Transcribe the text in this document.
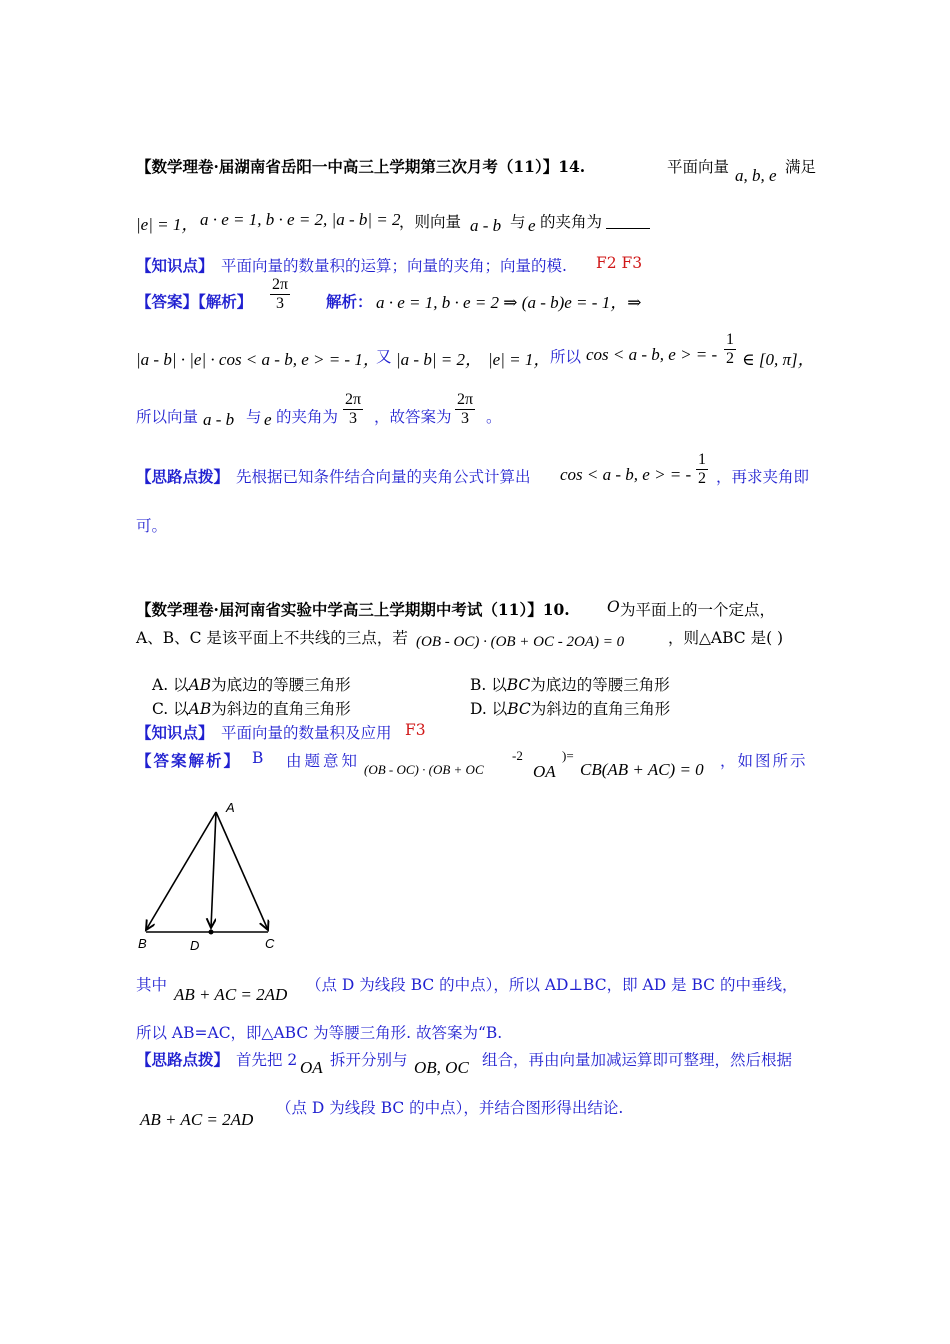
【数学理卷·届湖南省岳阳一中高三上学期第三次月考（11）】14.	平面向量 a, b, e 满足
|e| = 1， a · e = 1, b · e = 2, |a - b| = 2
，则向量 a - b 与 e 的夹角为
【知识点】 平面向量的数量积的运算；向量的夹角；向量的模. F2 F3
【答案】【解析】 $\frac{2\pi}{3}$ 解析： a · e = 1, b · e = 2 ⇒ (a - b)e = - 1，⇒
|a - b| · |e| · cos < a - b, e > = - 1，
又 |a - b| = 2， |e| = 1， 所以 cos < a - b, e > = - $\frac{1}{2}$ ∈ [0, π]，
所以向量 a - b 与 e 的夹角为 $\frac{2\pi}{3}$ ，故答案为 $\frac{2\pi}{3}$ 。
【思路点拨】 先根据已知条件结合向量的夹角公式计算出 cos < a - b, e > = - $\frac{1}{2}$ ，再求夹角即
可。
【数学理卷·届河南省实验中学高三上学期期中考试（11）】10. O 为平面上的一个定点，
A、B、C 是该平面上不共线的三点，若 (OB - OC) · (OB + OC - 2OA) = 0	，则△ABC 是( )
A. 以AB为底边的等腰三角形	B. 以BC为底边的等腰三角形
C. 以AB为斜边的直角三角形	D. 以BC为斜边的直角三角形
【知识点】 平面向量的数量积及应用 F3
【答案解析】 B 由题意知 (OB - OC) · (OB + OC
-2
OA
)=
CB(AB + AC) = 0 ，如图所示
A
B	D	C
其中 AB + AC = 2AD （点 D 为线段 BC 的中点），所以 AD⊥BC，即 AD 是 BC 的中垂线，
所以 AB=AC，即△ABC 为等腰三角形. 故答案为“B.
【思路点拨】 首先把 2 OA 拆开分别与 OB, OC 组合，再由向量加减运算即可整理，然后根据
AB + AC = 2AD
（点 D 为线段 BC 的中点），并结合图形得出结论.
